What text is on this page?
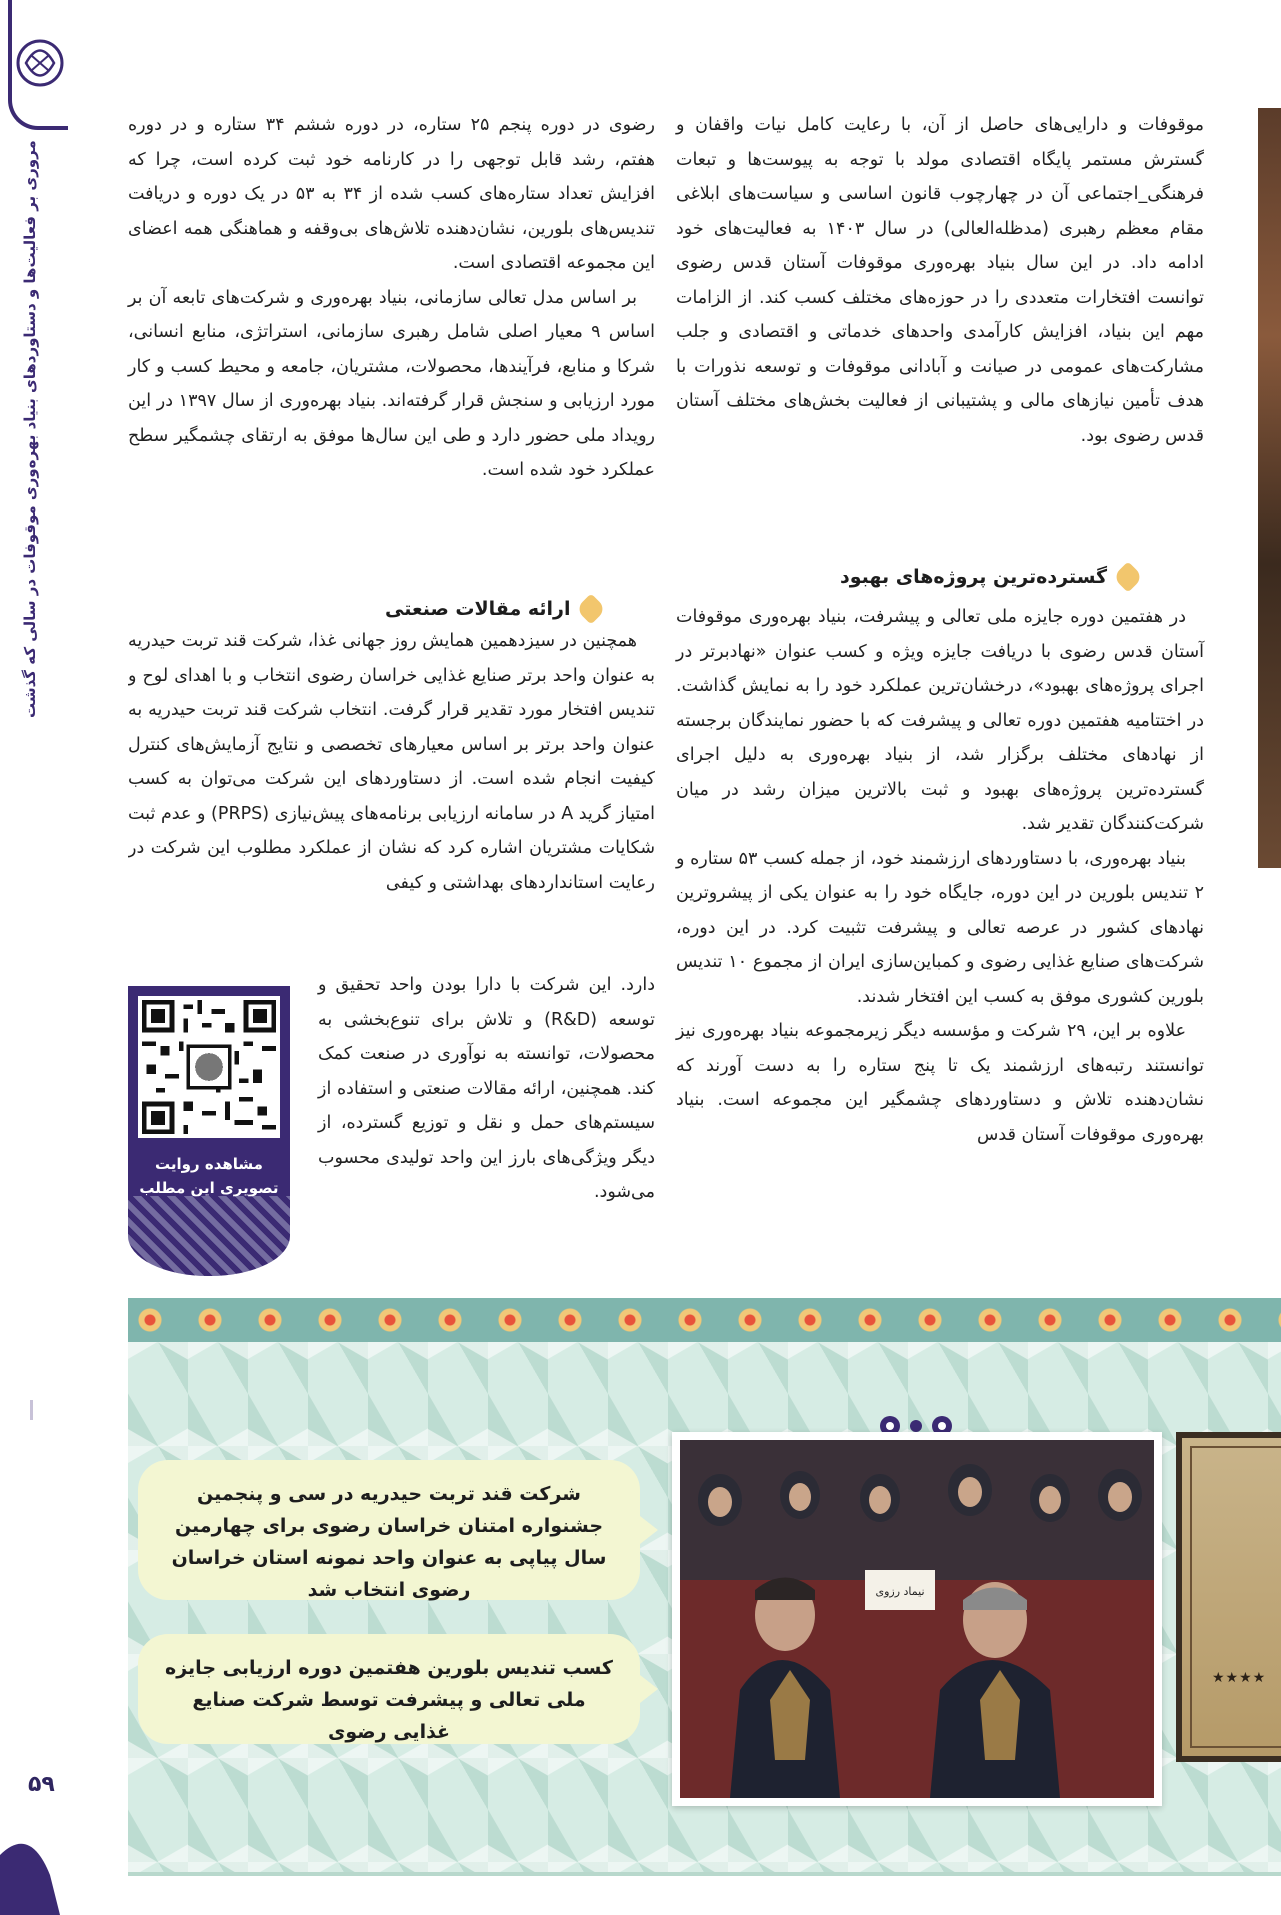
مروری بر فعالیت‌ها و دستاوردهای بنیاد بهره‌وری موقوفات در سالی که گذشت
۵۹

موقوفات و دارایی‌های حاصل از آن، با رعایت کامل نیات واقفان و گسترش مستمر پایگاه اقتصادی مولد با توجه به پیوست‌ها و تبعات فرهنگی_اجتماعی آن در چهارچوب قانون اساسی و سیاست‌های ابلاغی مقام معظم رهبری (مدظله‌العالی) در سال ۱۴۰۳ به فعالیت‌های خود ادامه داد. در این سال بنیاد بهره‌وری موقوفات آستان قدس رضوی توانست افتخارات متعددی را در حوزه‌های مختلف کسب کند. از الزامات مهم این بنیاد، افزایش کارآمدی واحدهای خدماتی و اقتصادی و جلب مشارکت‌های عمومی در صیانت و آبادانی موقوفات و توسعه نذورات با هدف تأمین نیازهای مالی و پشتیبانی از فعالیت بخش‌های مختلف آستان قدس رضوی بود.

گسترده‌ترین پروژه‌های بهبود

در هفتمین دوره جایزه ملی تعالی و پیشرفت، بنیاد بهره‌وری موقوفات آستان قدس رضوی با دریافت جایزه ویژه و کسب عنوان «نهادبرتر در اجرای پروژه‌های بهبود»، درخشان‌ترین عملکرد خود را به نمایش گذاشت. در اختتامیه هفتمین دوره تعالی و پیشرفت که با حضور نمایندگان برجسته از نهادهای مختلف برگزار شد، از بنیاد بهره‌وری به دلیل اجرای گسترده‌ترین پروژه‌های بهبود و ثبت بالاترین میزان رشد در میان شرکت‌کنندگان تقدیر شد.

بنیاد بهره‌وری، با دستاوردهای ارزشمند خود، از جمله کسب ۵۳ ستاره و ۲ تندیس بلورین در این دوره، جایگاه خود را به عنوان یکی از پیشروترین نهادهای کشور در عرصه تعالی و پیشرفت تثبیت کرد. در این دوره، شرکت‌های صنایع غذایی رضوی و کمباین‌سازی ایران از مجموع ۱۰ تندیس بلورین کشوری موفق به کسب این افتخار شدند.

علاوه بر این، ۲۹ شرکت و مؤسسه دیگر زیرمجموعه بنیاد بهره‌وری نیز توانستند رتبه‌های ارزشمند یک تا پنج ستاره را به دست آورند که نشان‌دهنده تلاش و دستاوردهای چشمگیر این مجموعه است. بنیاد بهره‌وری موقوفات آستان قدس

رضوی در دوره پنجم ۲۵ ستاره، در دوره ششم ۳۴ ستاره و در دوره هفتم، رشد قابل توجهی را در کارنامه خود ثبت کرده است، چرا که افزایش تعداد ستاره‌های کسب شده از ۳۴ به ۵۳ در یک دوره و دریافت تندیس‌های بلورین، نشان‌دهنده تلاش‌های بی‌وقفه و هماهنگی همه اعضای این مجموعه اقتصادی است.

بر اساس مدل تعالی سازمانی، بنیاد بهره‌وری و شرکت‌های تابعه آن بر اساس ۹ معیار اصلی شامل رهبری سازمانی، استراتژی، منابع انسانی، شرکا و منابع، فرآیندها، محصولات، مشتریان، جامعه و محیط کسب و کار مورد ارزیابی و سنجش قرار گرفته‌اند. بنیاد بهره‌وری از سال ۱۳۹۷ در این رویداد ملی حضور دارد و طی این سال‌ها موفق به ارتقای چشمگیر سطح عملکرد خود شده است.

ارائه مقالات صنعتی

همچنین در سیزدهمین همایش روز جهانی غذا، شرکت قند تربت حیدریه به عنوان واحد برتر صنایع غذایی خراسان رضوی انتخاب و با اهدای لوح و تندیس افتخار مورد تقدیر قرار گرفت. انتخاب شرکت قند تربت حیدریه به عنوان واحد برتر بر اساس معیارهای تخصصی و نتایج آزمایش‌های کنترل کیفیت انجام شده است. از دستاوردهای این شرکت می‌توان به کسب امتیاز گرید A در سامانه ارزیابی برنامه‌های پیش‌نیازی (PRPS) و عدم ثبت شکایات مشتریان اشاره کرد که نشان از عملکرد مطلوب این شرکت در رعایت استانداردهای بهداشتی و کیفی

دارد. این شرکت با دارا بودن واحد تحقیق و توسعه (R&D) و تلاش برای تنوع‌بخشی به محصولات، توانسته به نوآوری در صنعت کمک کند. همچنین، ارائه مقالات صنعتی و استفاده از سیستم‌های حمل و نقل و توزیع گسترده، از دیگر ویژگی‌های بارز این واحد تولیدی محسوب می‌شود.

مشاهده روایت تصویری این مطلب
شرکت قند تربت حیدریه در سی و پنجمین جشنواره امتنان خراسان رضوی برای چهارمین سال پیاپی به عنوان واحد نمونه استان خراسان رضوی انتخاب شد
کسب تندیس بلورین هفتمین دوره ارزیابی جایزه ملی تعالی و پیشرفت توسط شرکت صنایع غذایی رضوی
نیماد رزوی
★★★★
